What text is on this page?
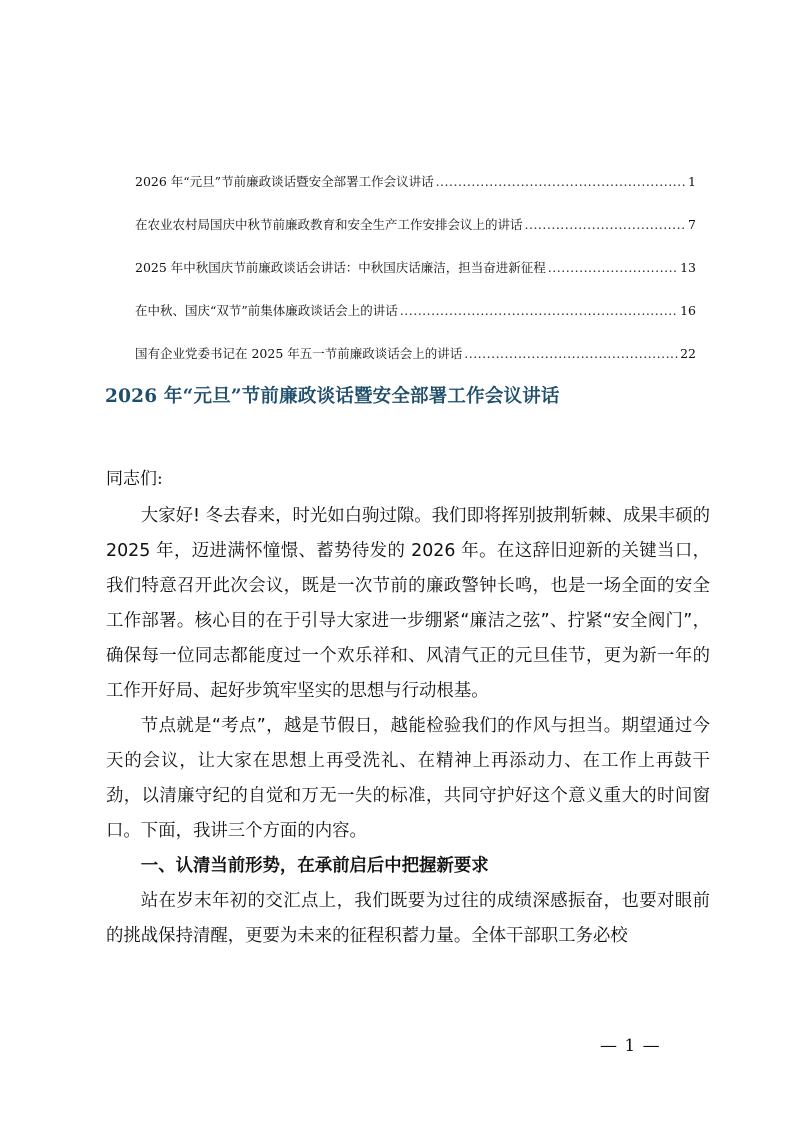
2026 年“元旦”节前廉政谈话暨安全部署工作会议讲话 .....	1
在农业农村局国庆中秋节前廉政教育和安全生产工作安排会议上的讲话 .....	7
2025 年中秋国庆节前廉政谈话会讲话：中秋国庆话廉洁，担当奋进新征程 .....	13
在中秋、国庆“双节”前集体廉政谈话会上的讲话 .....	16
国有企业党委书记在 2025 年五一节前廉政谈话会上的讲话 .....	22
2026 年“元旦”节前廉政谈话暨安全部署工作会议讲话

同志们:

大家好! 冬去春来，时光如白驹过隙。我们即将挥别披荆斩棘、成果丰硕的 2025 年，迈进满怀憧憬、蓄势待发的 2026 年。在这辞旧迎新的关键当口，我们特意召开此次会议，既是一次节前的廉政警钟长鸣，也是一场全面的安全工作部署。核心目的在于引导大家进一步绷紧“廉洁之弦”、拧紧“安全阀门”，确保每一位同志都能度过一个欢乐祥和、风清气正的元旦佳节，更为新一年的工作开好局、起好步筑牢坚实的思想与行动根基。

节点就是“考点”，越是节假日，越能检验我们的作风与担当。期望通过今天的会议，让大家在思想上再受洗礼、在精神上再添动力、在工作上再鼓干劲，以清廉守纪的自觉和万无一失的标准，共同守护好这个意义重大的时间窗口。下面，我讲三个方面的内容。

一、认清当前形势，在承前启后中把握新要求

站在岁末年初的交汇点上，我们既要为过往的成绩深感振奋，也要对眼前的挑战保持清醒，更要为未来的征程积蓄力量。全体干部职工务必校

— 1 —
